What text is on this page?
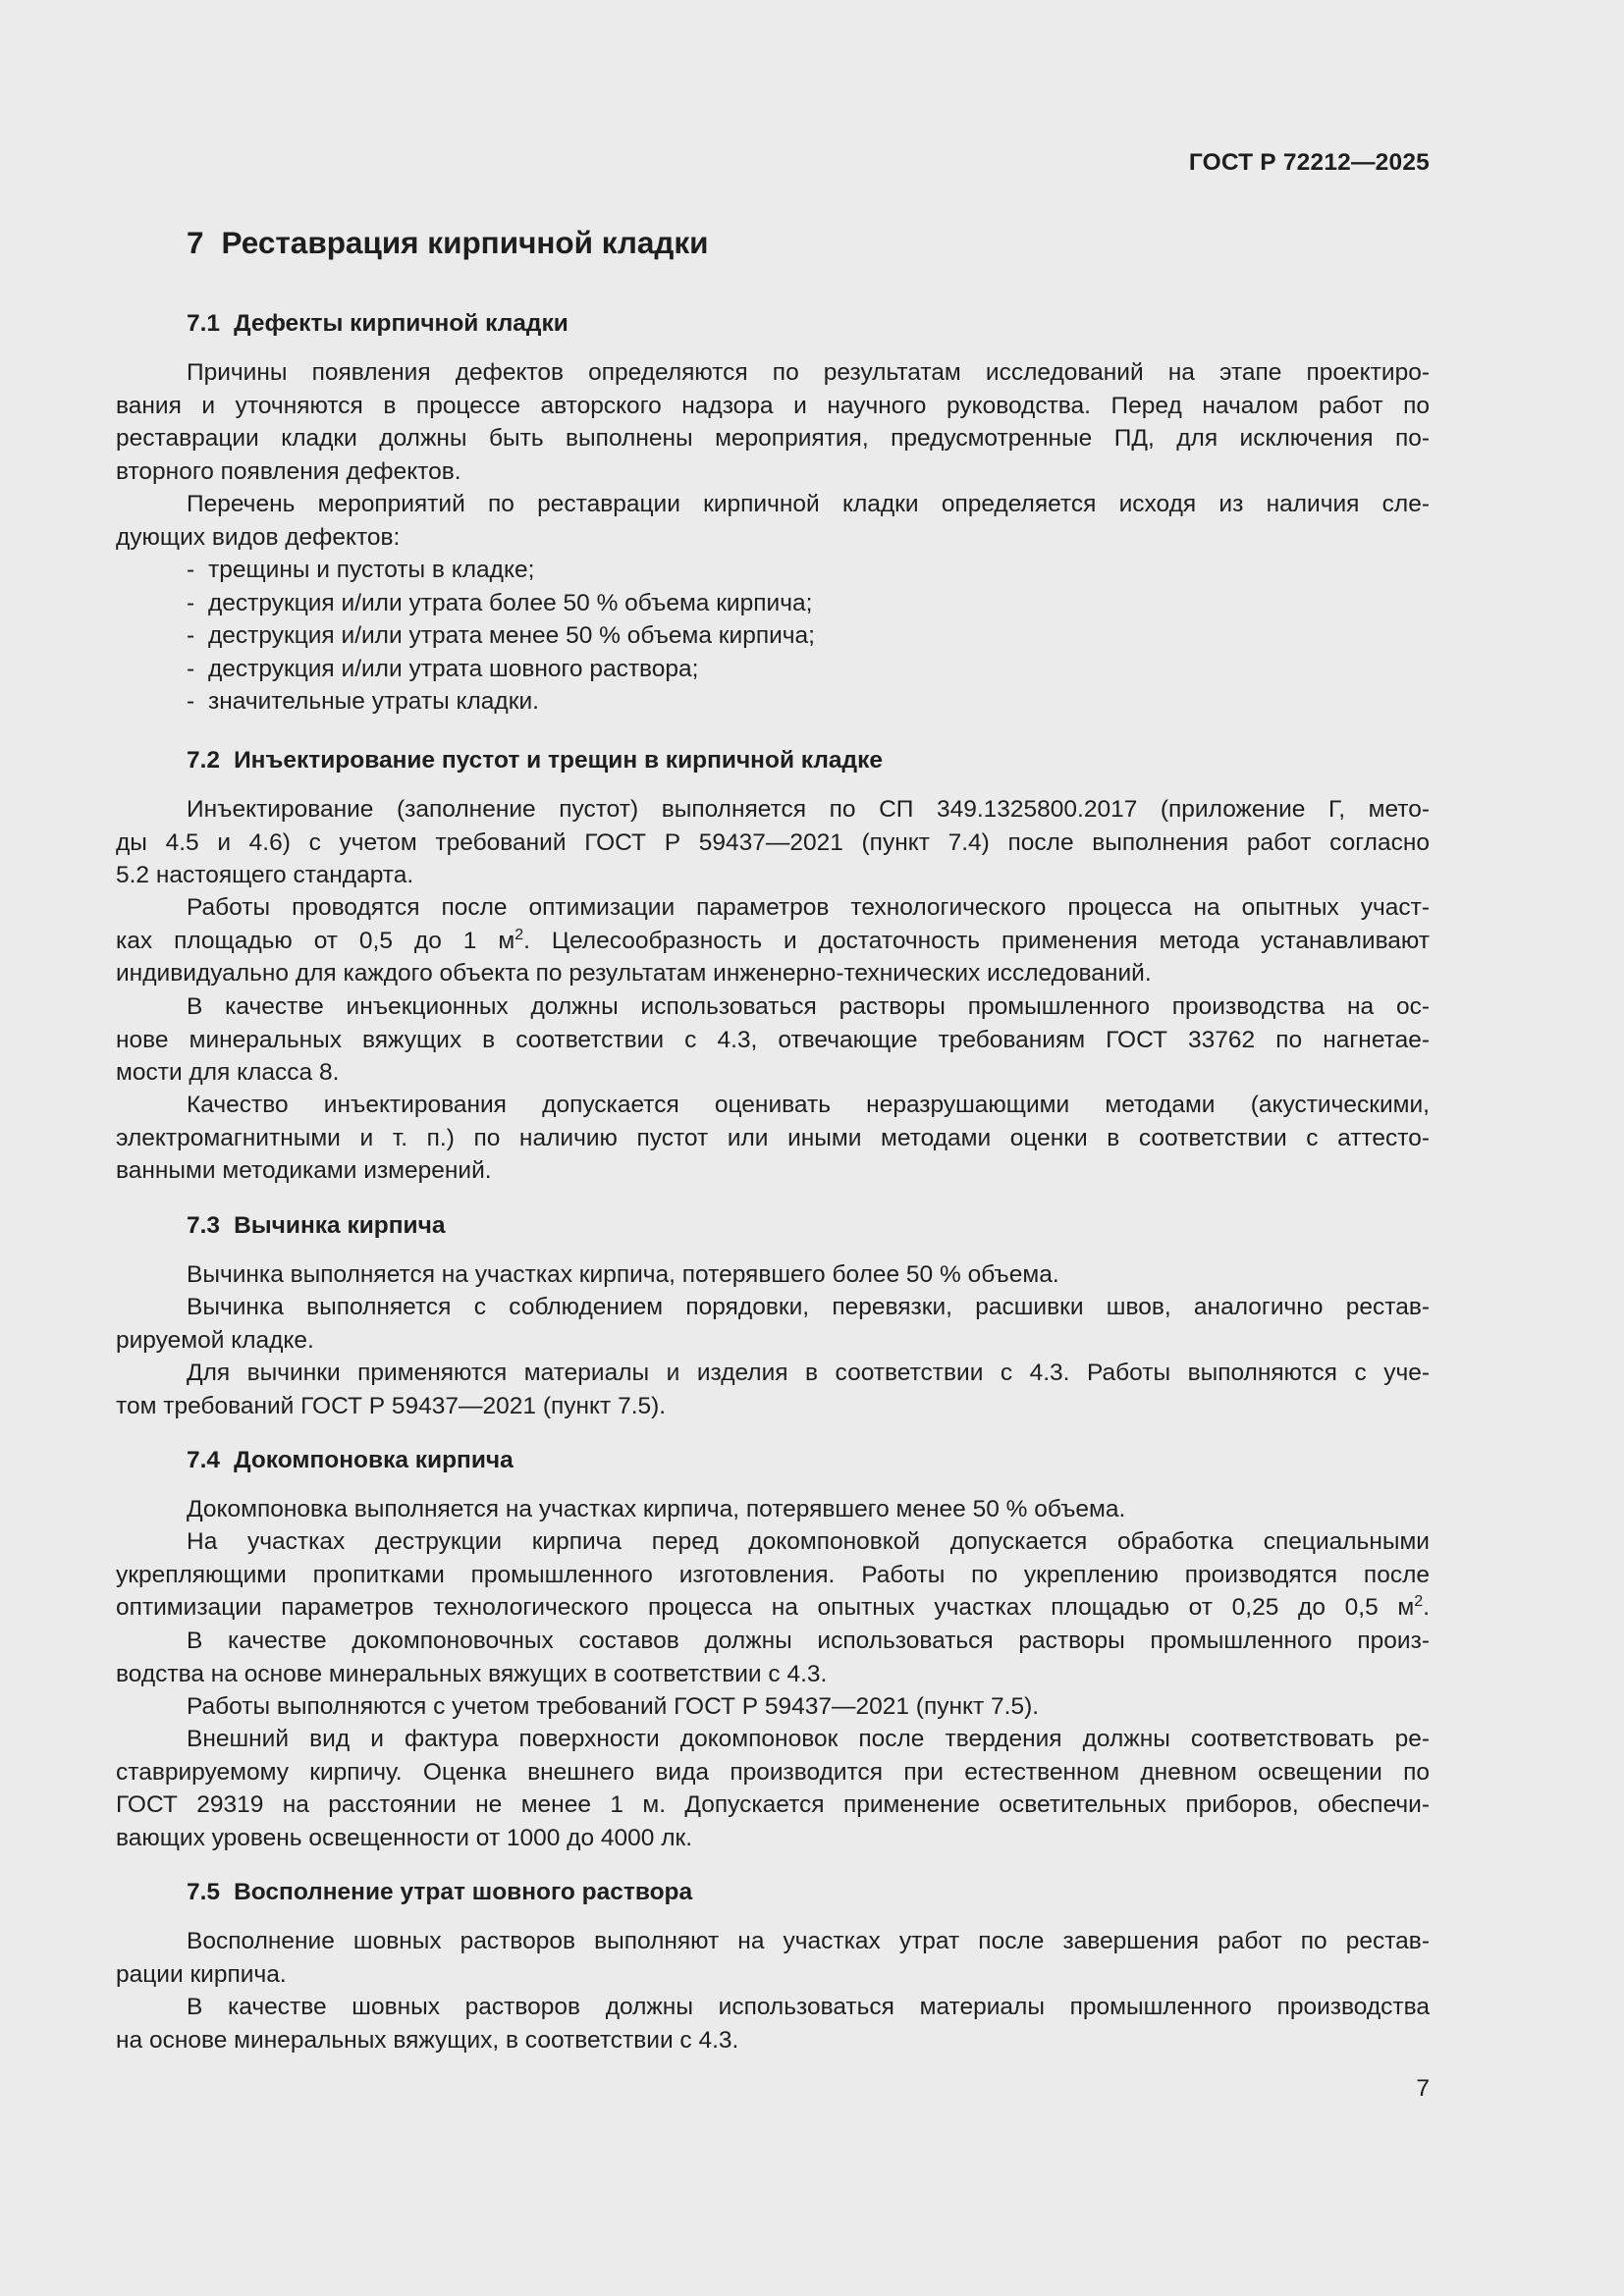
ГОСТ Р 72212—2025
7 Реставрация кирпичной кладки
7.1 Дефекты кирпичной кладки
Причины появления дефектов определяются по результатам исследований на этапе проектиро-
вания и уточняются в процессе авторского надзора и научного руководства. Перед началом работ по
реставрации кладки должны быть выполнены мероприятия, предусмотренные ПД, для исключения по-
вторного появления дефектов.
Перечень мероприятий по реставрации кирпичной кладки определяется исходя из наличия сле-
дующих видов дефектов:
- трещины и пустоты в кладке;
- деструкция и/или утрата более 50 % объема кирпича;
- деструкция и/или утрата менее 50 % объема кирпича;
- деструкция и/или утрата шовного раствора;
- значительные утраты кладки.
7.2 Инъектирование пустот и трещин в кирпичной кладке
Инъектирование (заполнение пустот) выполняется по СП 349.1325800.2017 (приложение Г, мето-
ды 4.5 и 4.6) с учетом требований ГОСТ Р 59437—2021 (пункт 7.4) после выполнения работ согласно
5.2 настоящего стандарта.
Работы проводятся после оптимизации параметров технологического процесса на опытных участ-
ках площадью от 0,5 до 1 $м^2$. Целесообразность и достаточность применения метода устанавливают
индивидуально для каждого объекта по результатам инженерно-технических исследований.
В качестве инъекционных должны использоваться растворы промышленного производства на ос-
нове минеральных вяжущих в соответствии с 4.3, отвечающие требованиям ГОСТ 33762 по нагнетае-
мости для класса 8.
Качество инъектирования допускается оценивать неразрушающими методами (акустическими,
электромагнитными и т. п.) по наличию пустот или иными методами оценки в соответствии с аттесто-
ванными методиками измерений.
7.3 Вычинка кирпича
Вычинка выполняется на участках кирпича, потерявшего более 50 % объема.
Вычинка выполняется с соблюдением порядовки, перевязки, расшивки швов, аналогично рестав-
рируемой кладке.
Для вычинки применяются материалы и изделия в соответствии с 4.3. Работы выполняются с уче-
том требований ГОСТ Р 59437—2021 (пункт 7.5).
7.4 Докомпоновка кирпича
Докомпоновка выполняется на участках кирпича, потерявшего менее 50 % объема.
На участках деструкции кирпича перед докомпоновкой допускается обработка специальными
укрепляющими пропитками промышленного изготовления. Работы по укреплению производятся после
оптимизации параметров технологического процесса на опытных участках площадью от 0,25 до 0,5 $м^2$.
В качестве докомпоновочных составов должны использоваться растворы промышленного произ-
водства на основе минеральных вяжущих в соответствии с 4.3.
Работы выполняются с учетом требований ГОСТ Р 59437—2021 (пункт 7.5).
Внешний вид и фактура поверхности докомпоновок после твердения должны соответствовать ре-
ставрируемому кирпичу. Оценка внешнего вида производится при естественном дневном освещении по
ГОСТ 29319 на расстоянии не менее 1 м. Допускается применение осветительных приборов, обеспечи-
вающих уровень освещенности от 1000 до 4000 лк.
7.5 Восполнение утрат шовного раствора
Восполнение шовных растворов выполняют на участках утрат после завершения работ по рестав-
рации кирпича.
В качестве шовных растворов должны использоваться материалы промышленного производства
на основе минеральных вяжущих, в соответствии с 4.3.
7
